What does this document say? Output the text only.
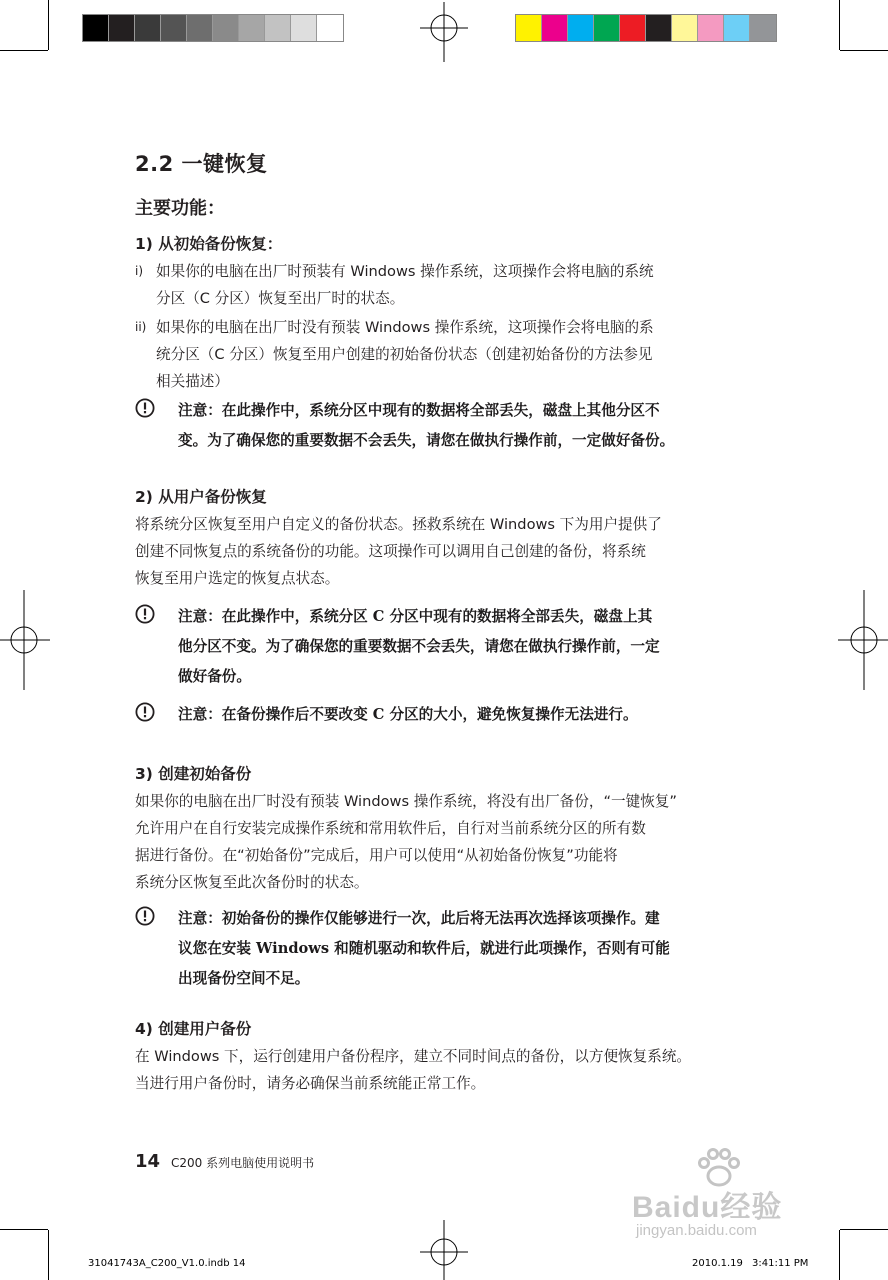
2.2 一键恢复
主要功能：
1) 从初始备份恢复：
i) 如果你的电脑在出厂时预装有 Windows 操作系统，这项操作会将电脑的系统
分区（C 分区）恢复至出厂时的状态。
ii) 如果你的电脑在出厂时没有预装 Windows 操作系统，这项操作会将电脑的系
统分区（C 分区）恢复至用户创建的初始备份状态（创建初始备份的方法参见
相关描述）
注意：在此操作中，系统分区中现有的数据将全部丢失，磁盘上其他分区不
变。为了确保您的重要数据不会丢失，请您在做执行操作前，一定做好备份。
2) 从用户备份恢复
将系统分区恢复至用户自定义的备份状态。拯救系统在 Windows 下为用户提供了
创建不同恢复点的系统备份的功能。这项操作可以调用自己创建的备份，将系统
恢复至用户选定的恢复点状态。
注意：在此操作中，系统分区 C 分区中现有的数据将全部丢失，磁盘上其
他分区不变。为了确保您的重要数据不会丢失，请您在做执行操作前，一定
做好备份。
注意：在备份操作后不要改变 C 分区的大小，避免恢复操作无法进行。
3) 创建初始备份
如果你的电脑在出厂时没有预装 Windows 操作系统，将没有出厂备份，“一键恢复”
允许用户在自行安装完成操作系统和常用软件后，自行对当前系统分区的所有数
据进行备份。在“初始备份”完成后，用户可以使用“从初始备份恢复”功能将
系统分区恢复至此次备份时的状态。
注意：初始备份的操作仅能够进行一次，此后将无法再次选择该项操作。建
议您在安装 Windows 和随机驱动和软件后，就进行此项操作，否则有可能
出现备份空间不足。
4) 创建用户备份
在 Windows 下，运行创建用户备份程序，建立不同时间点的备份，以方便恢复系统。
当进行用户备份时，请务必确保当前系统能正常工作。
14 C200 系列电脑使用说明书
31041743A_C200_V1.0.indb 14	2010.1.19 3:41:11 PM
Baidu经验
jingyan.baidu.com
